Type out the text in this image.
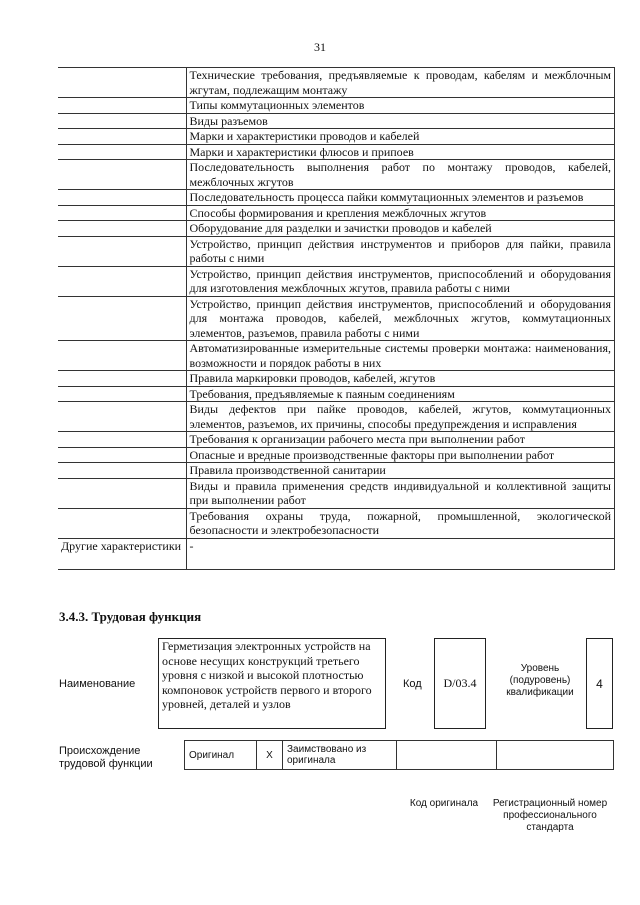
31
	Технические требования, предъявляемые к проводам, кабелям и межблочным жгутам, подлежащим монтажу
	Типы коммутационных элементов
	Виды разъемов
	Марки и характеристики проводов и кабелей
	Марки и характеристики флюсов и припоев
	Последовательность выполнения работ по монтажу проводов, кабелей, межблочных жгутов
	Последовательность процесса пайки коммутационных элементов и разъемов
	Способы формирования и крепления межблочных жгутов
	Оборудование для разделки и зачистки проводов и кабелей
	Устройство, принцип действия инструментов и приборов для пайки, правила работы с ними
	Устройство, принцип действия инструментов, приспособлений и оборудования для изготовления межблочных жгутов, правила работы с ними
	Устройство, принцип действия инструментов, приспособлений и оборудования для монтажа проводов, кабелей, межблочных жгутов, коммутационных элементов, разъемов, правила работы с ними
	Автоматизированные измерительные системы проверки монтажа: наименования, возможности и порядок работы в них
	Правила маркировки проводов, кабелей, жгутов
	Требования, предъявляемые к паяным соединениям
	Виды дефектов при пайке проводов, кабелей, жгутов, коммутационных элементов, разъемов, их причины, способы предупреждения и исправления
	Требования к организации рабочего места при выполнении работ
	Опасные и вредные производственные факторы при выполнении работ
	Правила производственной санитарии
	Виды и правила применения средств индивидуальной и коллективной защиты при выполнении работ
	Требования охраны труда, пожарной, промышленной, экологической безопасности и электробезопасности
Другие характеристики	-
3.4.3. Трудовая функция
Наименование
Герметизация электронных устройств на основе несущих конструкций третьего уровня с низкой и высокой плотностью компоновок устройств первого и второго уровней, деталей и узлов
Код	D/03.4
Уровень (подуровень) квалификации
4
Происхождение трудовой функции
Оригинал	X	Заимствовано из оригинала		
Код оригинала	Регистрационный номер профессионального стандарта
